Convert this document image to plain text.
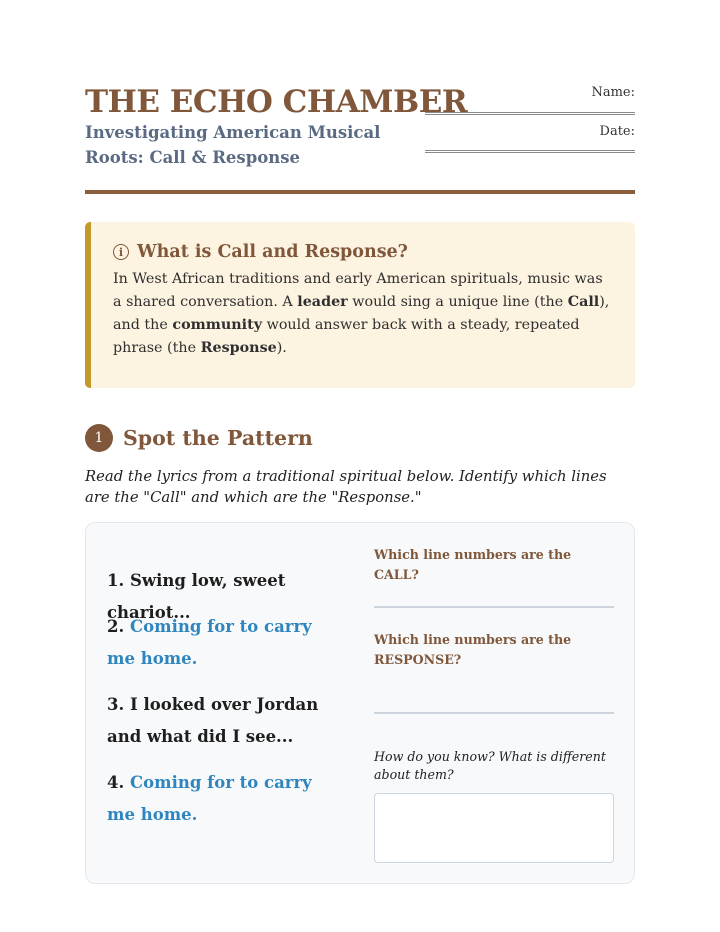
THE ECHO CHAMBER
Investigating American Musical Roots: Call & Response
Name:
Date:
i What is Call and Response?
In West African traditions and early American spirituals, music was a shared conversation. A leader would sing a unique line (the Call), and the community would answer back with a steady, repeated phrase (the Response).
1 Spot the Pattern
Read the lyrics from a traditional spiritual below. Identify which lines are the "Call" and which are the "Response."
1. Swing low, sweet chariot...
2. Coming for to carry me home.
3. I looked over Jordan and what did I see...
4. Coming for to carry me home.
Which line numbers are the CALL?
Which line numbers are the RESPONSE?
How do you know? What is different about them?
